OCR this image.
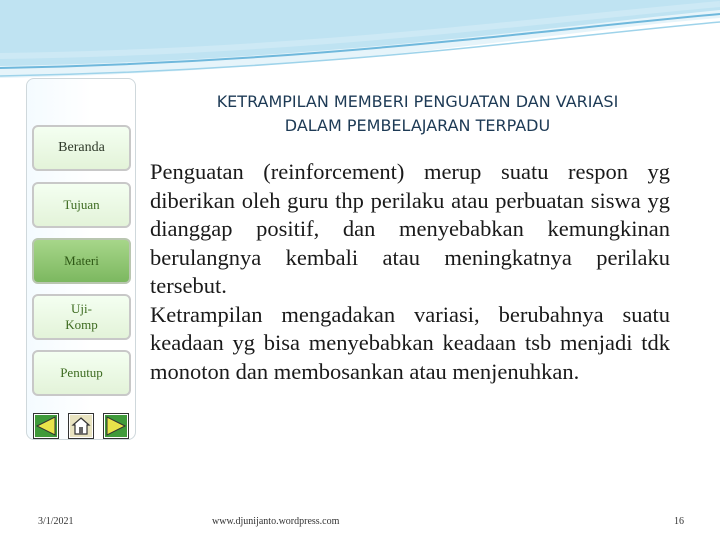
Beranda
Tujuan
Materi
Uji-
Komp
Penutup
KETRAMPILAN MEMBERI PENGUATAN DAN VARIASI
DALAM PEMBELAJARAN TERPADU

Penguatan (reinforcement) merup suatu respon yg diberikan oleh guru thp perilaku atau perbuatan siswa yg dianggap positif, dan menyebabkan kemungkinan berulangnya kembali atau meningkatnya perilaku tersebut.

Ketrampilan mengadakan variasi, berubahnya suatu keadaan yg bisa menyebabkan keadaan tsb menjadi tdk monoton dan membosankan atau menjenuhkan.

3/1/2021	www.djunijanto.wordpress.com	16
